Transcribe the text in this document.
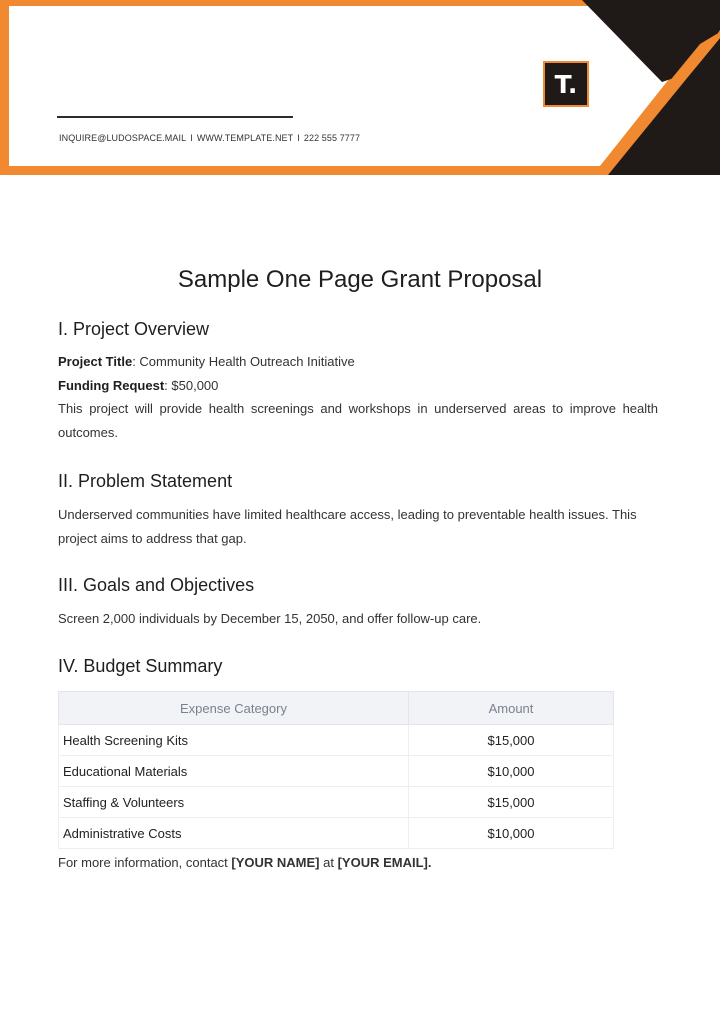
T.
INQUIRE@LUDOSPACE.MAIL I WWW.TEMPLATE.NET I 222 555 7777
Sample One Page Grant Proposal
I. Project Overview
Project Title: Community Health Outreach Initiative
Funding Request: $50,000
This project will provide health screenings and workshops in underserved areas to improve health outcomes.
II. Problem Statement
Underserved communities have limited healthcare access, leading to preventable health issues. This project aims to address that gap.
III. Goals and Objectives
Screen 2,000 individuals by December 15, 2050, and offer follow-up care.
IV. Budget Summary
Expense Category	Amount
Health Screening Kits	$15,000
Educational Materials	$10,000
Staffing & Volunteers	$15,000
Administrative Costs	$10,000
For more information, contact [YOUR NAME] at [YOUR EMAIL].
